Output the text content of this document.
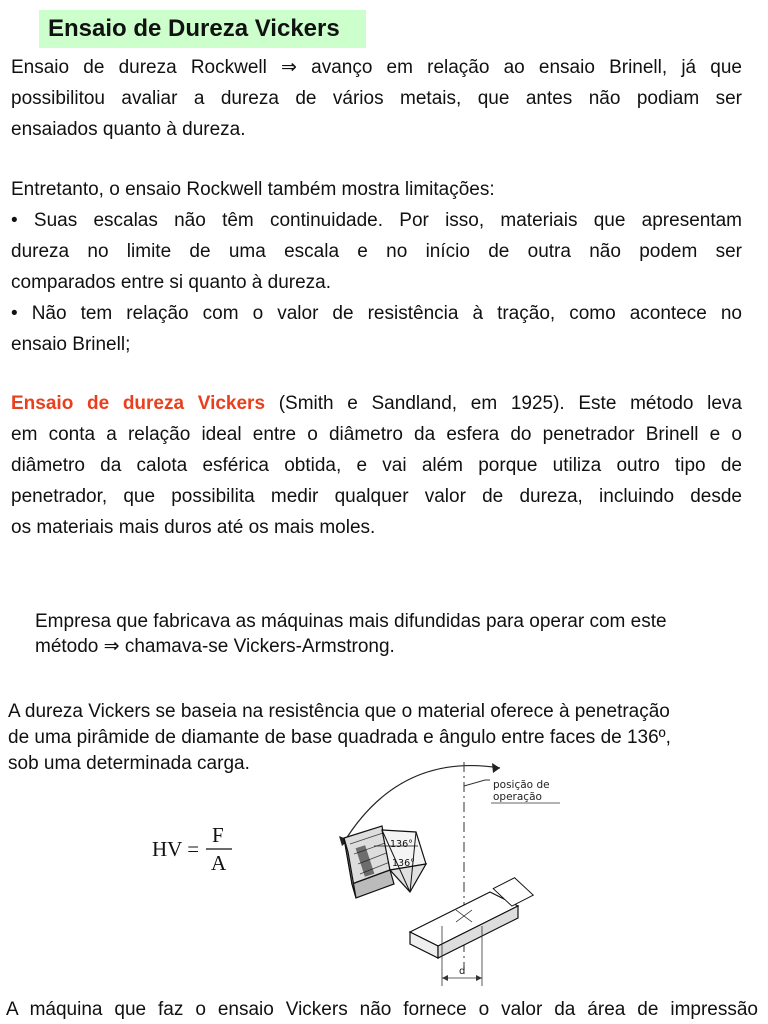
Ensaio de Dureza Vickers
Ensaio de dureza Rockwell ⇒ avanço em relação ao ensaio Brinell, já que
possibilitou avaliar a dureza de vários metais, que antes não podiam ser
ensaiados quanto à dureza.
Entretanto, o ensaio Rockwell também mostra limitações:
• Suas escalas não têm continuidade. Por isso, materiais que apresentam
dureza no limite de uma escala e no início de outra não podem ser
comparados entre si quanto à dureza.
• Não tem relação com o valor de resistência à tração, como acontece no
ensaio Brinell;
Ensaio de dureza Vickers (Smith e Sandland, em 1925). Este método leva
em conta a relação ideal entre o diâmetro da esfera do penetrador Brinell e o
diâmetro da calota esférica obtida, e vai além porque utiliza outro tipo de
penetrador, que possibilita medir qualquer valor de dureza, incluindo desde
os materiais mais duros até os mais moles.
Empresa que fabricava as máquinas mais difundidas para operar com este
método ⇒ chamava-se Vickers-Armstrong.
A dureza Vickers se baseia na resistência que o material oferece à penetração
de uma pirâmide de diamante de base quadrada e ângulo entre faces de 136º,
sob uma determinada carga.
HV =
F
A
posição de
operação
136°
136°
d
A máquina que faz o ensaio Vickers não fornece o valor da área de impressão
